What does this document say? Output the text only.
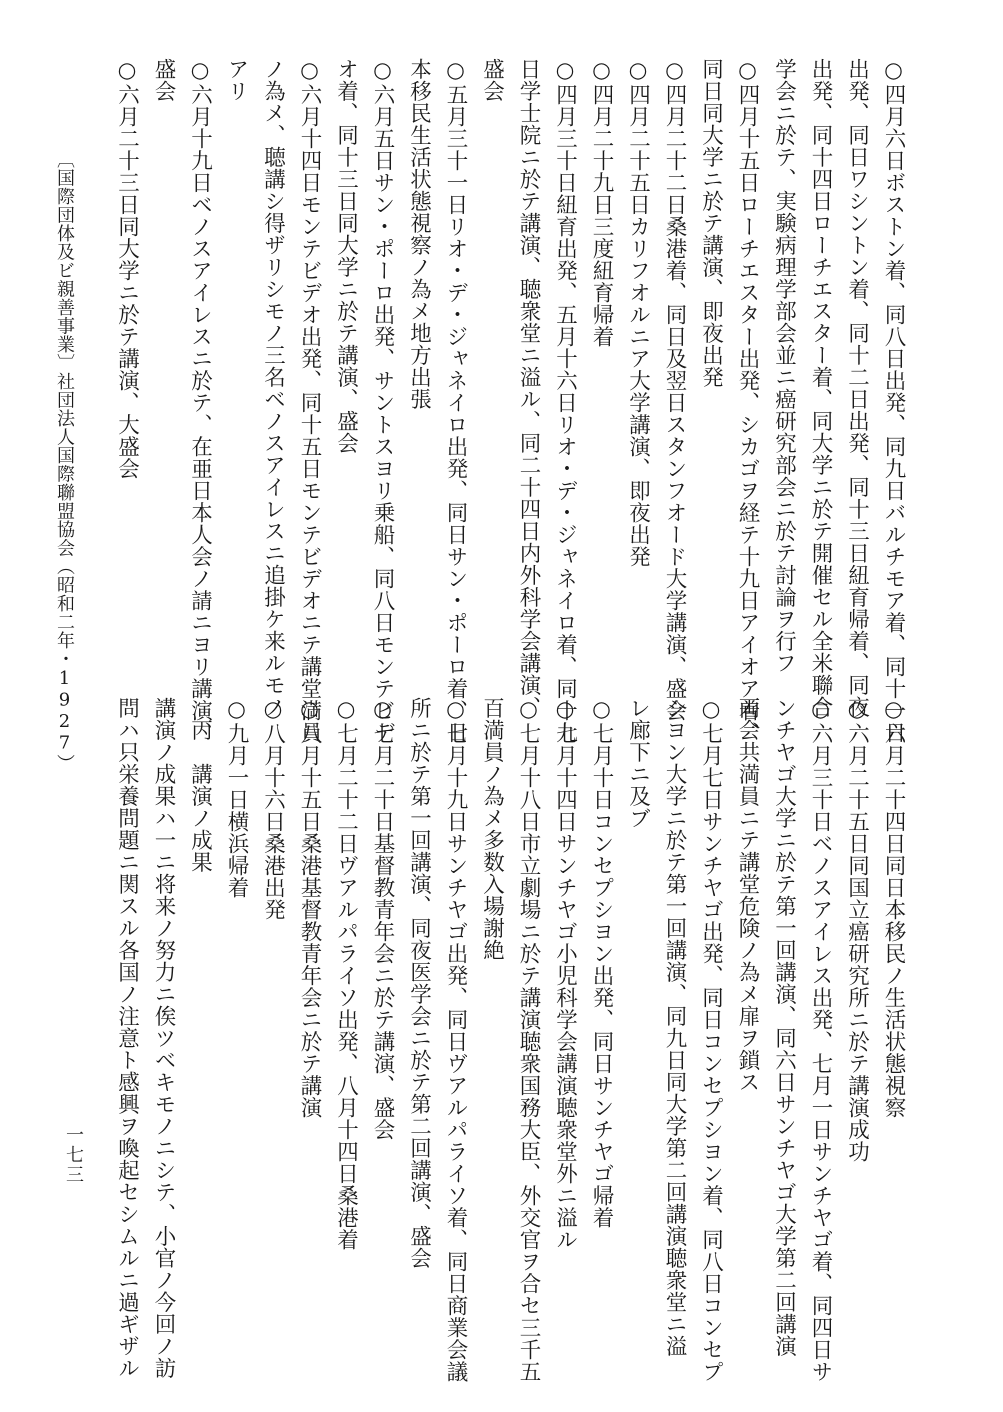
○四月六日ボストン着、同八日出発、同九日バルチモア着、同十一日
出発、同日ワシントン着、同十二日出発、同十三日紐育帰着、同夜
出発、同十四日ローチエスター着、同大学ニ於テ開催セル全米聯合
学会ニ於テ、実験病理学部会並ニ癌研究部会ニ於テ討論ヲ行フ
○四月十五日ローチエスター出発、シカゴヲ経テ十九日アイオア着、
同日同大学ニ於テ講演、即夜出発
○四月二十二日桑港着、同日及翌日スタンフオード大学講演、盛会
○四月二十五日カリフオルニア大学講演、即夜出発
○四月二十九日三度紐育帰着
○四月三十日紐育出発、五月十六日リオ・デ・ジャネイロ着、同十九
日学士院ニ於テ講演、聴衆堂ニ溢ル、同二十四日内外科学会講演、
盛会
○五月三十一日リオ・デ・ジャネイロ出発、同日サン・ポーロ着、日
本移民生活状態視察ノ為メ地方出張
○六月五日サン・ポーロ出発、サントスヨリ乗船、同八日モンテビデ
オ着、同十三日同大学ニ於テ講演、盛会
○六月十四日モンテビデオ出発、同十五日モンテビデオニテ講堂満員
ノ為メ、聴講シ得ザリシモノ三名ベノスアイレスニ追掛ケ来ルモノ
アリ
○六月十九日ベノスアイレスニ於テ、在亜日本人会ノ請ニヨリ講演、
盛会
○六月二十三日同大学ニ於テ講演、大盛会
○六月二十四日同日本移民ノ生活状態視察
○六月二十五日同国立癌研究所ニ於テ講演成功
○六月三十日ベノスアイレス出発、七月一日サンチヤゴ着、同四日サ
ンチヤゴ大学ニ於テ第一回講演、同六日サンチヤゴ大学第二回講演
両会共満員ニテ講堂危険ノ為メ扉ヲ鎖ス
○七月七日サンチヤゴ出発、同日コンセプシヨン着、同八日コンセプ
シヨン大学ニ於テ第一回講演、同九日同大学第二回講演聴衆堂ニ溢
レ廊下ニ及ブ
○七月十日コンセプシヨン出発、同日サンチヤゴ帰着
○七月十四日サンチヤゴ小児科学会講演聴衆堂外ニ溢ル
○七月十八日市立劇場ニ於テ講演聴衆国務大臣、外交官ヲ合セ三千五
百満員ノ為メ多数入場謝絶
○七月十九日サンチヤゴ出発、同日ヴアルパライソ着、同日商業会議
所ニ於テ第一回講演、同夜医学会ニ於テ第二回講演、盛会
○七月二十日基督教青年会ニ於テ講演、盛会
○七月二十二日ヴアルパライソ出発、八月十四日桑港着
○八月十五日桑港基督教青年会ニ於テ講演
○八月十六日桑港出発
○九月一日横浜帰着
　丙　講演ノ成果
講演ノ成果ハ一ニ将来ノ努力ニ俟ツベキモノニシテ、小官ノ今回ノ訪
問ハ只栄養問題ニ関スル各国ノ注意ト感興ヲ喚起セシムルニ過ギザル
〔国際団体及ビ親善事業〕社団法人国際聯盟協会（昭和二年・1927）
一七三
